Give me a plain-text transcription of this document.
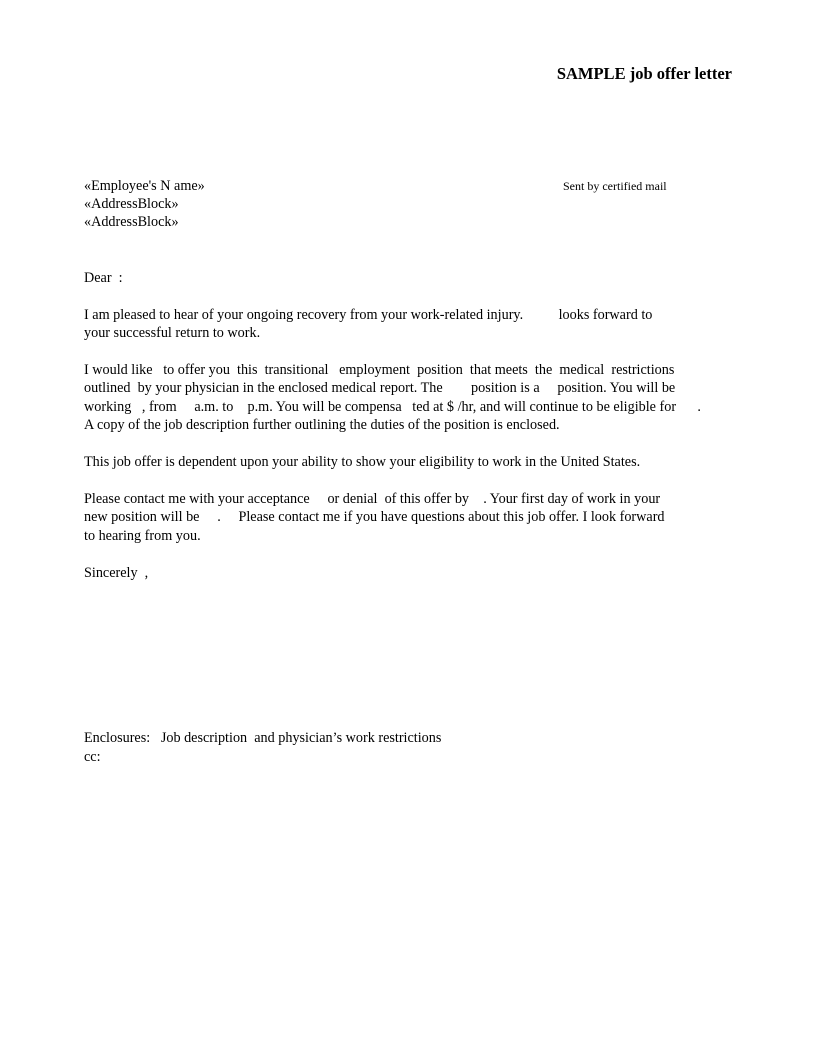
SAMPLE job offer letter
«Employee's N ame»
«AddressBlock»
«AddressBlock»
Sent by certified mail
Dear  :
I am pleased to hear of your ongoing recovery from your work-related injury.          looks forward to
your successful return to work.
I would like   to offer you  this  transitional   employment  position  that meets  the  medical  restrictions
outlined  by your physician in the enclosed medical report. The        position is a     position. You will be
working   , from     a.m. to    p.m. You will be compensa   ted at $ /hr, and will continue to be eligible for      .
A copy of the job description further outlining the duties of the position is enclosed.
This job offer is dependent upon your ability to show your eligibility to work in the United States.
Please contact me with your acceptance     or denial  of this offer by    . Your first day of work in your
new position will be     .     Please contact me if you have questions about this job offer. I look forward
to hearing from you.
Sincerely  ,
Enclosures:   Job description  and physician’s work restrictions
cc:
